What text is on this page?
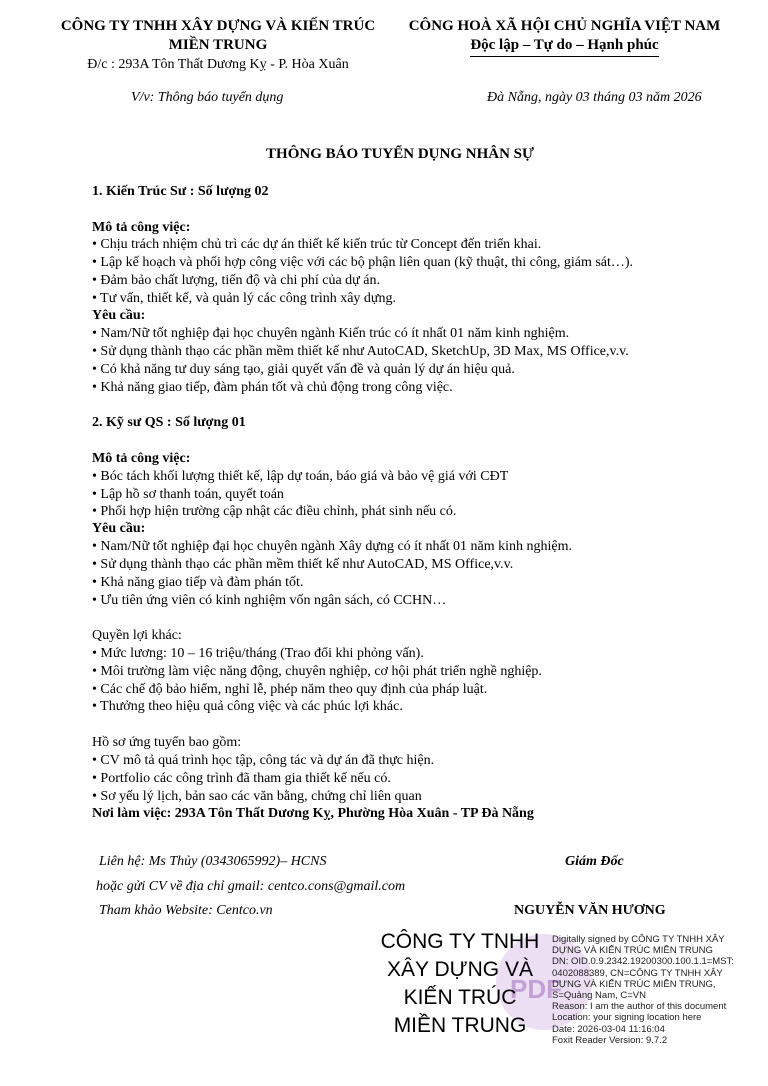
CÔNG TY TNHH XÂY DỰNG VÀ KIẾN TRÚC
MIỀN TRUNG
Đ/c : 293A Tôn Thất Dương Kỵ - P. Hòa Xuân
CÔNG HOÀ XÃ HỘI CHỦ NGHĨA VIỆT NAM
Độc lập – Tự do – Hạnh phúc
V/v: Thông báo tuyển dụng	Đà Nẵng, ngày 03 tháng 03 năm 2026
THÔNG BÁO TUYỂN DỤNG NHÂN SỰ
1. Kiến Trúc Sư : Số lượng 02
Mô tả công việc:
• Chịu trách nhiệm chủ trì các dự án thiết kế kiến trúc từ Concept đến triển khai.
• Lập kế hoạch và phối hợp công việc với các bộ phận liên quan (kỹ thuật, thi công, giám sát…).
• Đảm bảo chất lượng, tiến độ và chi phí của dự án.
• Tư vấn, thiết kế, và quản lý các công trình xây dựng.
Yêu cầu:
• Nam/Nữ tốt nghiệp đại học chuyên ngành Kiến trúc có ít nhất 01 năm kinh nghiệm.
• Sử dụng thành thạo các phần mềm thiết kế như AutoCAD, SketchUp, 3D Max, MS Office,v.v.
• Có khả năng tư duy sáng tạo, giải quyết vấn đề và quản lý dự án hiệu quả.
• Khả năng giao tiếp, đàm phán tốt và chủ động trong công việc.
2. Kỹ sư QS : Số lượng 01
Mô tả công việc:
• Bóc tách khối lượng thiết kế, lập dự toán, báo giá và bảo vệ giá với CĐT
• Lập hồ sơ thanh toán, quyết toán
• Phối hợp hiện trường cập nhật các điều chỉnh, phát sinh nếu có.
Yêu cầu:
• Nam/Nữ tốt nghiệp đại học chuyên ngành Xây dựng có ít nhất 01 năm kinh nghiệm.
• Sử dụng thành thạo các phần mềm thiết kế như AutoCAD, MS Office,v.v.
• Khả năng giao tiếp và đàm phán tốt.
• Ưu tiên ứng viên có kinh nghiệm vốn ngân sách, có CCHN…
Quyền lợi khác:
• Mức lương: 10 – 16 triệu/tháng (Trao đổi khi phỏng vấn).
• Môi trường làm việc năng động, chuyên nghiệp, cơ hội phát triển nghề nghiệp.
• Các chế độ bảo hiểm, nghỉ lễ, phép năm theo quy định của pháp luật.
• Thưởng theo hiệu quả công việc và các phúc lợi khác.
Hồ sơ ứng tuyển bao gồm:
• CV mô tả quá trình học tập, công tác và dự án đã thực hiện.
• Portfolio các công trình đã tham gia thiết kế nếu có.
• Sơ yếu lý lịch, bản sao các văn bằng, chứng chỉ liên quan
Nơi làm việc: 293A Tôn Thất Dương Kỵ, Phường Hòa Xuân - TP Đà Nẵng
Liên hệ: Ms Thủy (0343065992)– HCNS
hoặc gửi CV về địa chỉ gmail: centco.cons@gmail.com
Tham khảo Website: Centco.vn
Giám Đốc
NGUYỄN VĂN HƯƠNG
PDF
CÔNG TY TNHH
XÂY DỰNG VÀ
KIẾN TRÚC
MIỀN TRUNG
Digitally signed by CÔNG TY TNHH XÂY
DỰNG VÀ KIẾN TRÚC MIỀN TRUNG
DN: OID.0.9.2342.19200300.100.1.1=MST:
0402088389, CN=CÔNG TY TNHH XÂY
DỰNG VÀ KIẾN TRÚC MIỀN TRUNG,
S=Quảng Nam, C=VN
Reason: I am the author of this document
Location: your signing location here
Date: 2026-03-04 11:16:04
Foxit Reader Version: 9.7.2
